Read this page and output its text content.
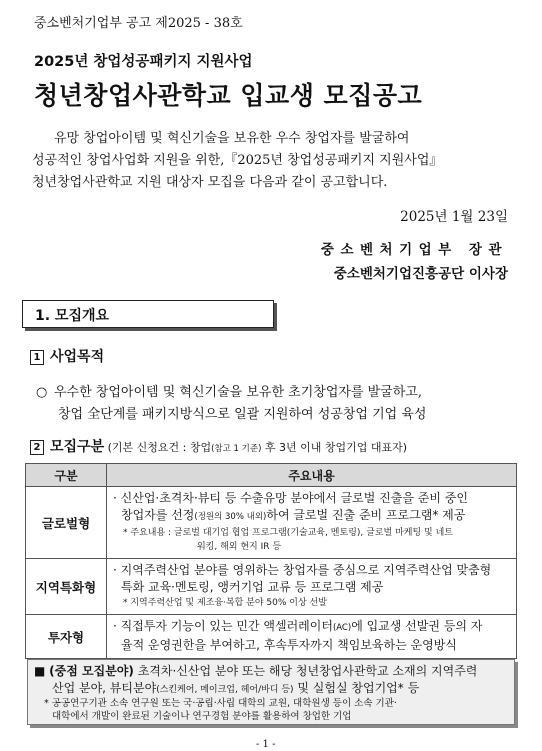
중소벤처기업부 공고 제2025 - 38호
2025년 창업성공패키지 지원사업
청년창업사관학교 입교생 모집공고
유망 창업아이템 및 혁신기술을 보유한 우수 창업자를 발굴하여
성공적인 창업사업화 지원을 위한,『2025년 창업성공패키지 지원사업』
청년창업사관학교 지원 대상자 모집을 다음과 같이 공고합니다.
2025년 1월 23일
중소벤처기업부 장관
중소벤처기업진흥공단 이사장
1. 모집개요
1 사업목적
○ 우수한 창업아이템 및 혁신기술을 보유한 초기창업자를 발굴하고,
창업 全단계를 패키지방식으로 일괄 지원하여 성공창업 기업 육성
2 모집구분 (기본 신청요건 : 창업(참고 1 기준) 후 3년 이내 창업기업 대표자)
구분	주요내용
글로벌형	· 신산업·초격차·뷰티 등 수출유망 분야에서 글로벌 진출을 준비 중인
창업자를 선정(정원의 30% 내외)하여 글로벌 진출 준비 프로그램* 제공
* 주요내용 : 글로벌 대기업 협업 프로그램(기술교육, 멘토링), 글로벌 마케팅 및 네트
워킹, 해외 현지 IR 등

지역특화형	· 지역주력산업 분야를 영위하는 창업자를 중심으로 지역주력산업 맞춤형
특화 교육·멘토링, 앵커기업 교류 등 프로그램 제공
* 지역주력산업 및 제조융·복합 분야 50% 이상 선발

투자형	· 직접투자 기능이 있는 민간 액셀러레이터(AC)에 입교생 선발권 등의 자
율적 운영권한을 부여하고, 후속투자까지 책임보육하는 운영방식
■ (중점 모집분야) 초격차·신산업 분야 또는 해당 청년창업사관학교 소재의 지역주력
산업 분야, 뷰티분야(스킨케어, 메이크업, 헤어/바디 등) 및 실험실 창업기업* 등
* 공공연구기관 소속 연구원 또는 국·공립·사립 대학의 교원, 대학원생 등이 소속 기관·
대학에서 개발이 완료된 기술이나 연구경험 분야를 활용하여 창업한 기업
- 1 -
